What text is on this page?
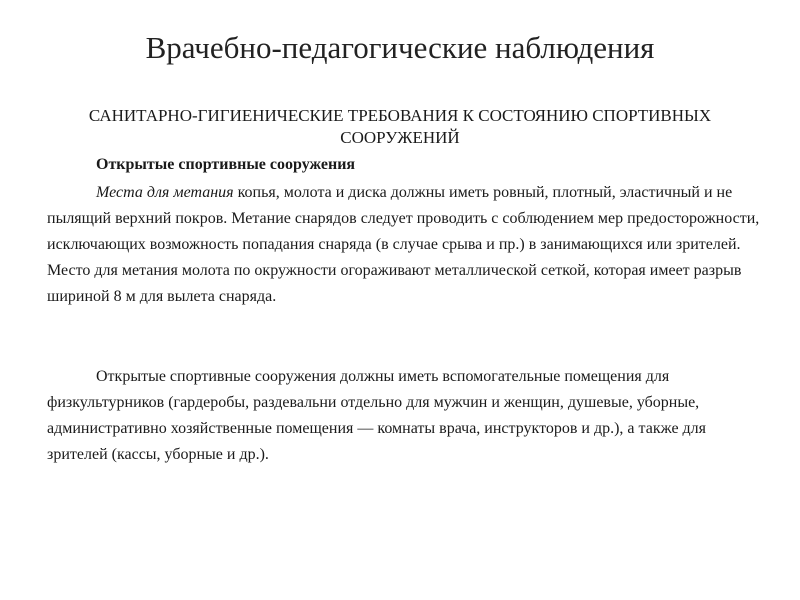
Врачебно-педагогические наблюдения
САНИТАРНО-ГИГИЕНИЧЕСКИЕ ТРЕБОВАНИЯ К СОСТОЯНИЮ СПОРТИВНЫХ СООРУЖЕНИЙ
Открытые спортивные сооружения

Места для метания копья, молота и диска должны иметь ровный, плотный, эластичный и не пылящий верхний покров. Метание снарядов следует проводить с соблюдением мер предосторожности, исключающих возможность попадания снаряда (в случае срыва и пр.) в занимающихся или зрителей. Место для метания молота по окружности огораживают металлической сеткой, которая имеет разрыв шириной 8 м для вылета снаряда.

Открытые спортивные сооружения должны иметь вспомогательные помещения для физкультурников (гардеробы, раздевальни отдельно для мужчин и женщин, душевые, уборные, административно хозяйственные помещения — комнаты врача, инструкторов и др.), а также для зрителей (кассы, уборные и др.).
